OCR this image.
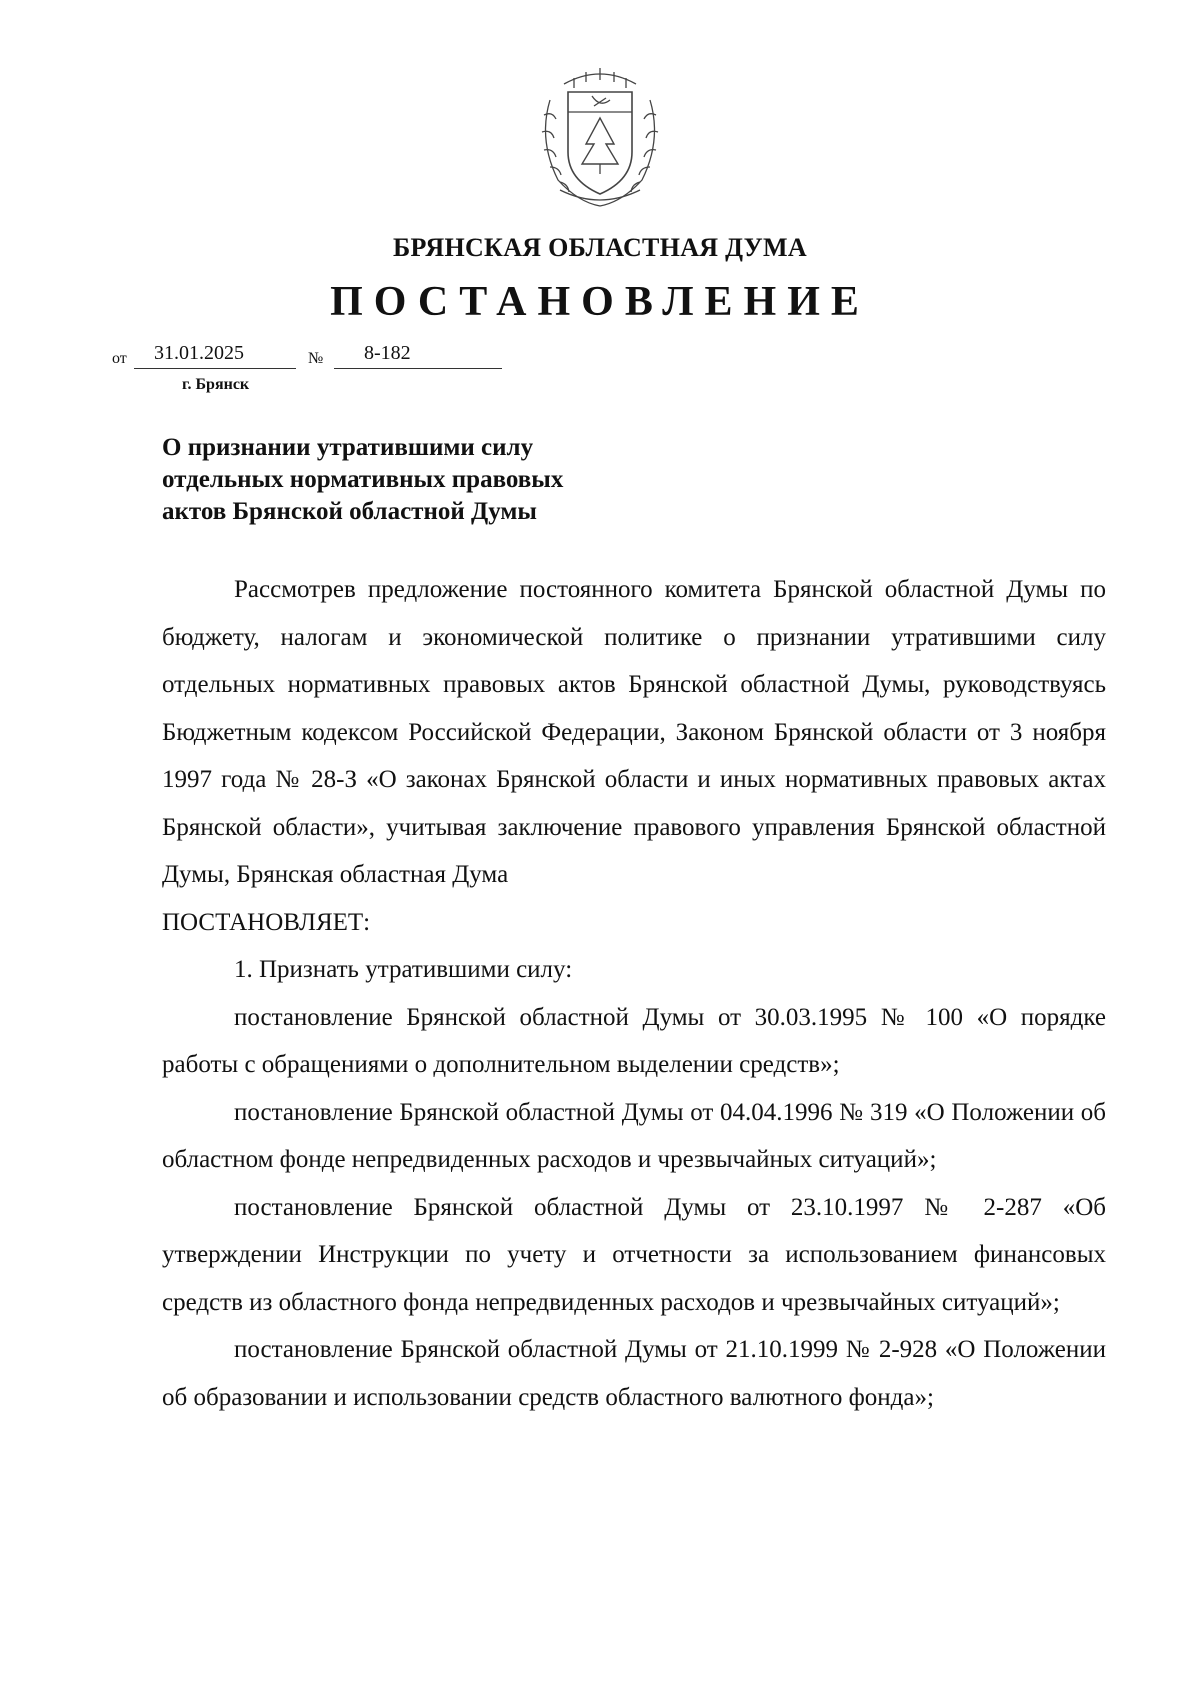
БРЯНСКАЯ ОБЛАСТНАЯ ДУМА
ПОСТАНОВЛЕНИЕ
от 31.01.2025	№ 8-182
г. Брянск
О признании утратившими силу
отдельных нормативных правовых
актов Брянской областной Думы

Рассмотрев предложение постоянного комитета Брянской областной Думы по бюджету, налогам и экономической политике о признании утратившими силу отдельных нормативных правовых актов Брянской областной Думы, руководствуясь Бюджетным кодексом Российской Федерации, Законом Брянской области от 3 ноября 1997 года № 28-З «О законах Брянской области и иных нормативных правовых актах Брянской области», учитывая заключение правового управления Брянской областной Думы, Брянская областная Дума

ПОСТАНОВЛЯЕТ:

1. Признать утратившими силу:

постановление Брянской областной Думы от 30.03.1995 № 100 «О порядке работы с обращениями о дополнительном выделении средств»;

постановление Брянской областной Думы от 04.04.1996 № 319 «О Положении об областном фонде непредвиденных расходов и чрезвычайных ситуаций»;

постановление Брянской областной Думы от 23.10.1997 № 2-287 «Об утверждении Инструкции по учету и отчетности за использованием финансовых средств из областного фонда непредвиденных расходов и чрезвычайных ситуаций»;

постановление Брянской областной Думы от 21.10.1999 № 2-928 «О Положении об образовании и использовании средств областного валютного фонда»;
